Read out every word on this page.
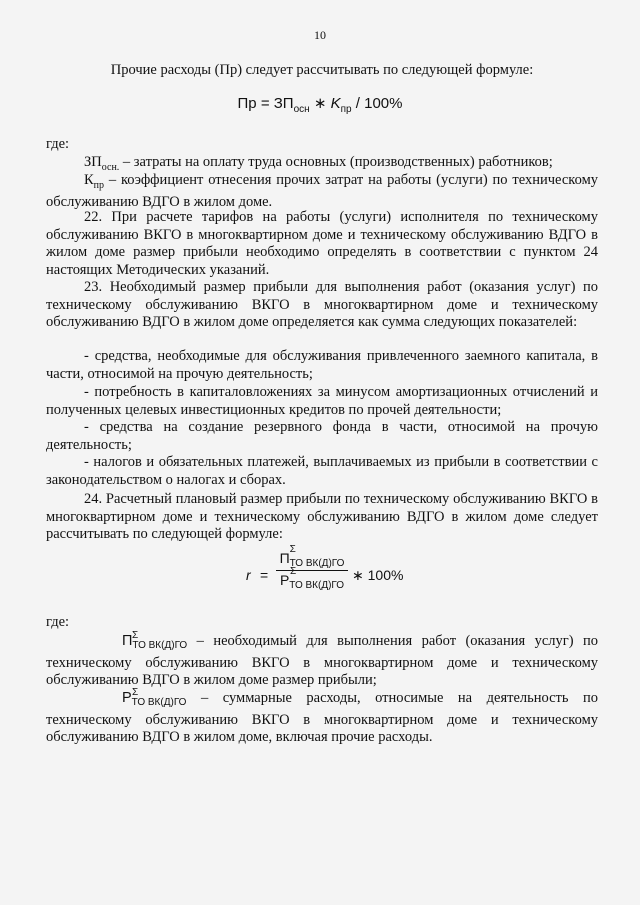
10
Прочие расходы (Пр) следует рассчитывать по следующей формуле:
Пр = $ЗП_{осн}$ ∗ $K_{пр} / 100\%$
где:
$ЗП_{осн.}$ – затраты на оплату труда основных (производственных) работников;
$К_{пр}$ – коэффициент отнесения прочих затрат на работы (услуги) по техническому обслуживанию ВДГО в жилом доме.
22. При расчете тарифов на работы (услуги) исполнителя по техническому обслуживанию ВКГО в многоквартирном доме и техническому обслуживанию ВДГО в жилом доме размер прибыли необходимо определять в соответствии с пунктом 24 настоящих Методических указаний.
23. Необходимый размер прибыли для выполнения работ (оказания услуг) по техническому обслуживанию ВКГО в многоквартирном доме и техническому обслуживанию ВДГО в жилом доме определяется как сумма следующих показателей:
- средства, необходимые для обслуживания привлеченного заемного капитала, в части, относимой на прочую деятельность;
- потребность в капиталовложениях за минусом амортизационных отчислений и полученных целевых инвестиционных кредитов по прочей деятельности;
- средства на создание резервного фонда в части, относимой на прочую деятельность;
- налогов и обязательных платежей, выплачиваемых из прибыли в соответствии с законодательством о налогах и сборах.
24. Расчетный плановый размер прибыли по техническому обслуживанию ВКГО в многоквартирном доме и техническому обслуживанию ВДГО в жилом доме следует рассчитывать по следующей формуле:
r =
П
Σ
$_{ТО ВК(Д)ГО}$
Р
Σ
$_{ТО ВК(Д)ГО}$
∗ 100%
где:
П Σ
$_{ТО ВК(Д)ГО}$ – необходимый для выполнения работ (оказания услуг) по техническому обслуживанию ВКГО в многоквартирном доме и техническому обслуживанию ВДГО в жилом доме размер прибыли;
Р Σ
$_{ТО ВК(Д)ГО}$ – суммарные расходы, относимые на деятельность по техническому обслуживанию ВКГО в многоквартирном доме и техническому обслуживанию ВДГО в жилом доме, включая прочие расходы.
